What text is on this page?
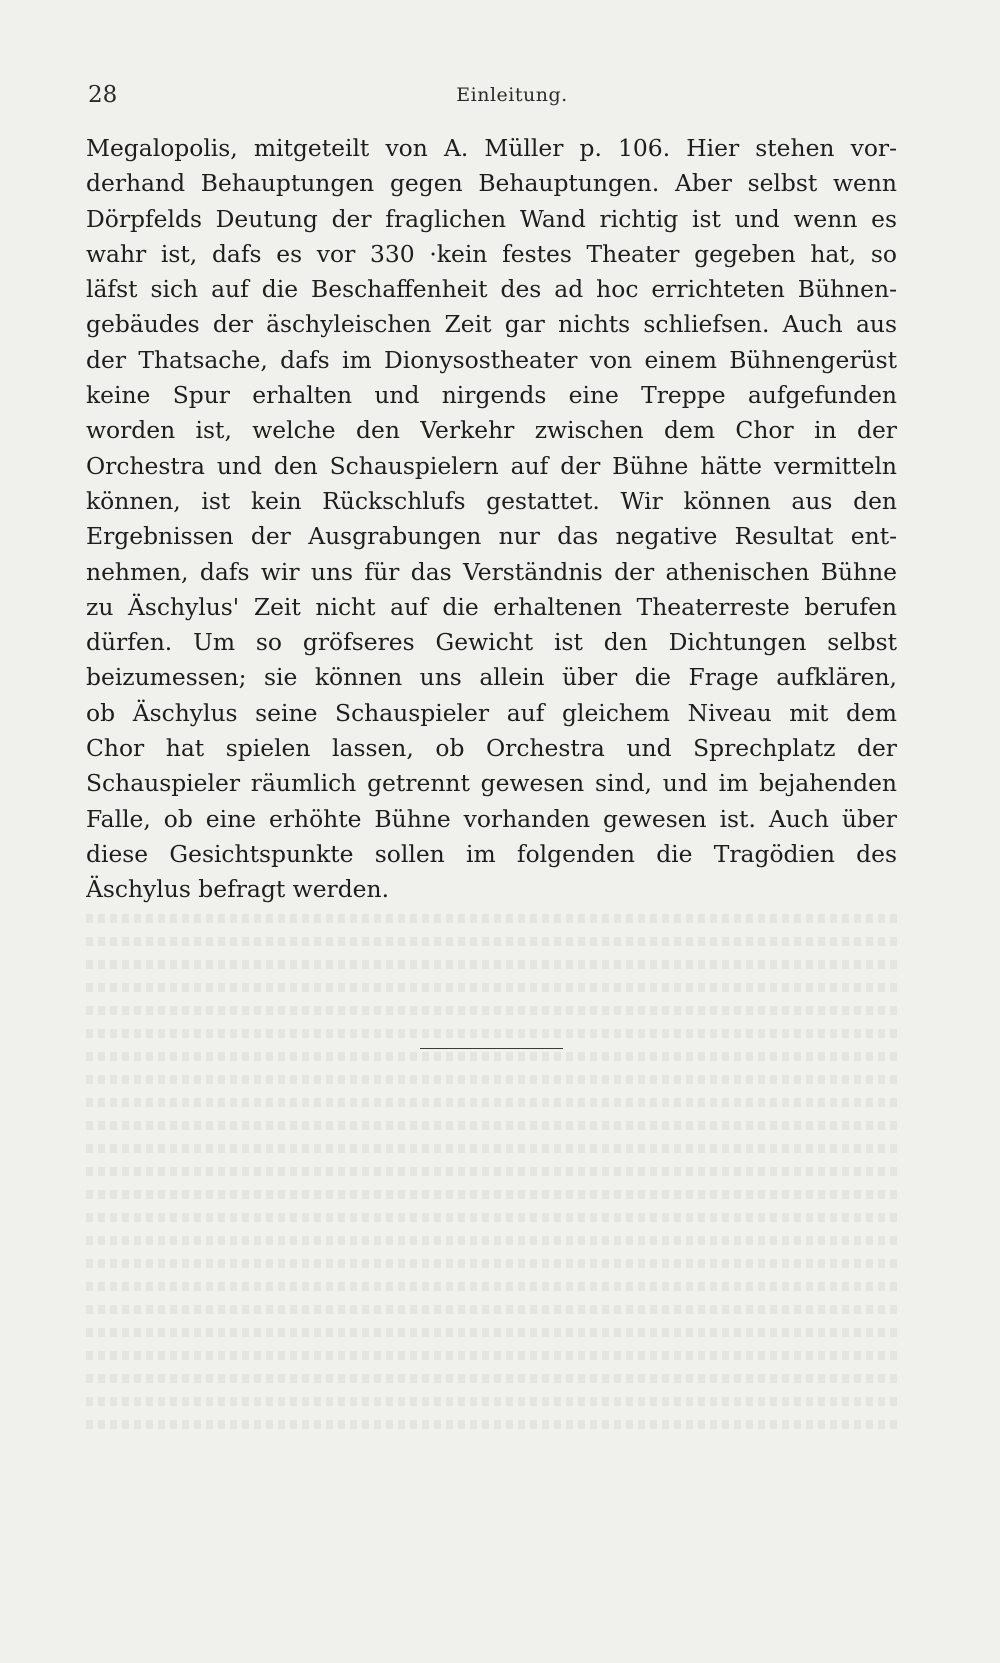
28	Einleitung.
Megalopolis, mitgeteilt von A. Müller p. 106. Hier stehen vor-
derhand Behauptungen gegen Behauptungen. Aber selbst wenn
Dörpfelds Deutung der fraglichen Wand richtig ist und wenn es
wahr ist, dafs es vor 330 ·kein festes Theater gegeben hat, so
läfst sich auf die Beschaffenheit des ad hoc errichteten Bühnen-
gebäudes der äschyleischen Zeit gar nichts schliefsen. Auch aus
der Thatsache, dafs im Dionysostheater von einem Bühnengerüst
keine Spur erhalten und nirgends eine Treppe aufgefunden
worden ist, welche den Verkehr zwischen dem Chor in der
Orchestra und den Schauspielern auf der Bühne hätte vermitteln
können, ist kein Rückschlufs gestattet. Wir können aus den
Ergebnissen der Ausgrabungen nur das negative Resultat ent-
nehmen, dafs wir uns für das Verständnis der athenischen Bühne
zu Äschylus' Zeit nicht auf die erhaltenen Theaterreste berufen
dürfen. Um so gröfseres Gewicht ist den Dichtungen selbst
beizumessen; sie können uns allein über die Frage aufklären,
ob Äschylus seine Schauspieler auf gleichem Niveau mit dem
Chor hat spielen lassen, ob Orchestra und Sprechplatz der
Schauspieler räumlich getrennt gewesen sind, und im bejahenden
Falle, ob eine erhöhte Bühne vorhanden gewesen ist. Auch über
diese Gesichtspunkte sollen im folgenden die Tragödien des
Äschylus befragt werden.
